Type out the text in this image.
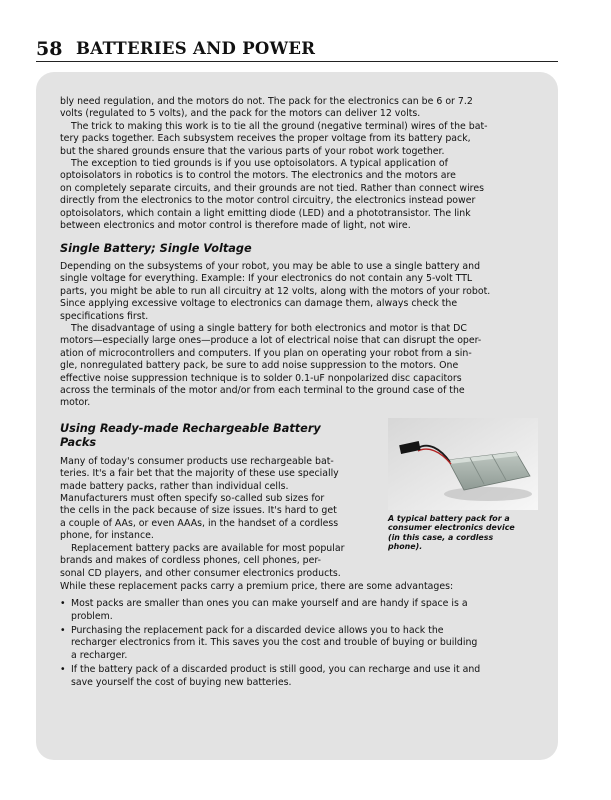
58 BATTERIES AND POWER

bly need regulation, and the motors do not. The pack for the electronics can be 6 or 7.2
volts (regulated to 5 volts), and the pack for the motors can deliver 12 volts.

The trick to making this work is to tie all the ground (negative terminal) wires of the bat-
tery packs together. Each subsystem receives the proper voltage from its battery pack,
but the shared grounds ensure that the various parts of your robot work together.

The exception to tied grounds is if you use optoisolators. A typical application of
optoisolators in robotics is to control the motors. The electronics and the motors are
on completely separate circuits, and their grounds are not tied. Rather than connect wires
directly from the electronics to the motor control circuitry, the electronics instead power
optoisolators, which contain a light emitting diode (LED) and a phototransistor. The link
between electronics and motor control is therefore made of light, not wire.

Single Battery; Single Voltage

Depending on the subsystems of your robot, you may be able to use a single battery and
single voltage for everything. Example: If your electronics do not contain any 5-volt TTL
parts, you might be able to run all circuitry at 12 volts, along with the motors of your robot.
Since applying excessive voltage to electronics can damage them, always check the
specifications first.

The disadvantage of using a single battery for both electronics and motor is that DC
motors—especially large ones—produce a lot of electrical noise that can disrupt the oper-
ation of microcontrollers and computers. If you plan on operating your robot from a sin-
gle, nonregulated battery pack, be sure to add noise suppression to the motors. One
effective noise suppression technique is to solder 0.1-uF nonpolarized disc capacitors
across the terminals of the motor and/or from each terminal to the ground case of the
motor.

Using Ready-made Rechargeable Battery
Packs

Many of today's consumer products use rechargeable bat-
teries. It's a fair bet that the majority of these use specially
made battery packs, rather than individual cells.
Manufacturers must often specify so-called sub sizes for
the cells in the pack because of size issues. It's hard to get
a couple of AAs, or even AAAs, in the handset of a cordless
phone, for instance.

Replacement battery packs are available for most popular
brands and makes of cordless phones, cell phones, per-
sonal CD players, and other consumer electronics products.

A typical battery pack for a
consumer electronics device
(in this case, a cordless
phone).

While these replacement packs carry a premium price, there are some advantages:

• Most packs are smaller than ones you can make yourself and are handy if space is a
problem.
• Purchasing the replacement pack for a discarded device allows you to hack the
recharger electronics from it. This saves you the cost and trouble of buying or building
a recharger.
• If the battery pack of a discarded product is still good, you can recharge and use it and
save yourself the cost of buying new batteries.
